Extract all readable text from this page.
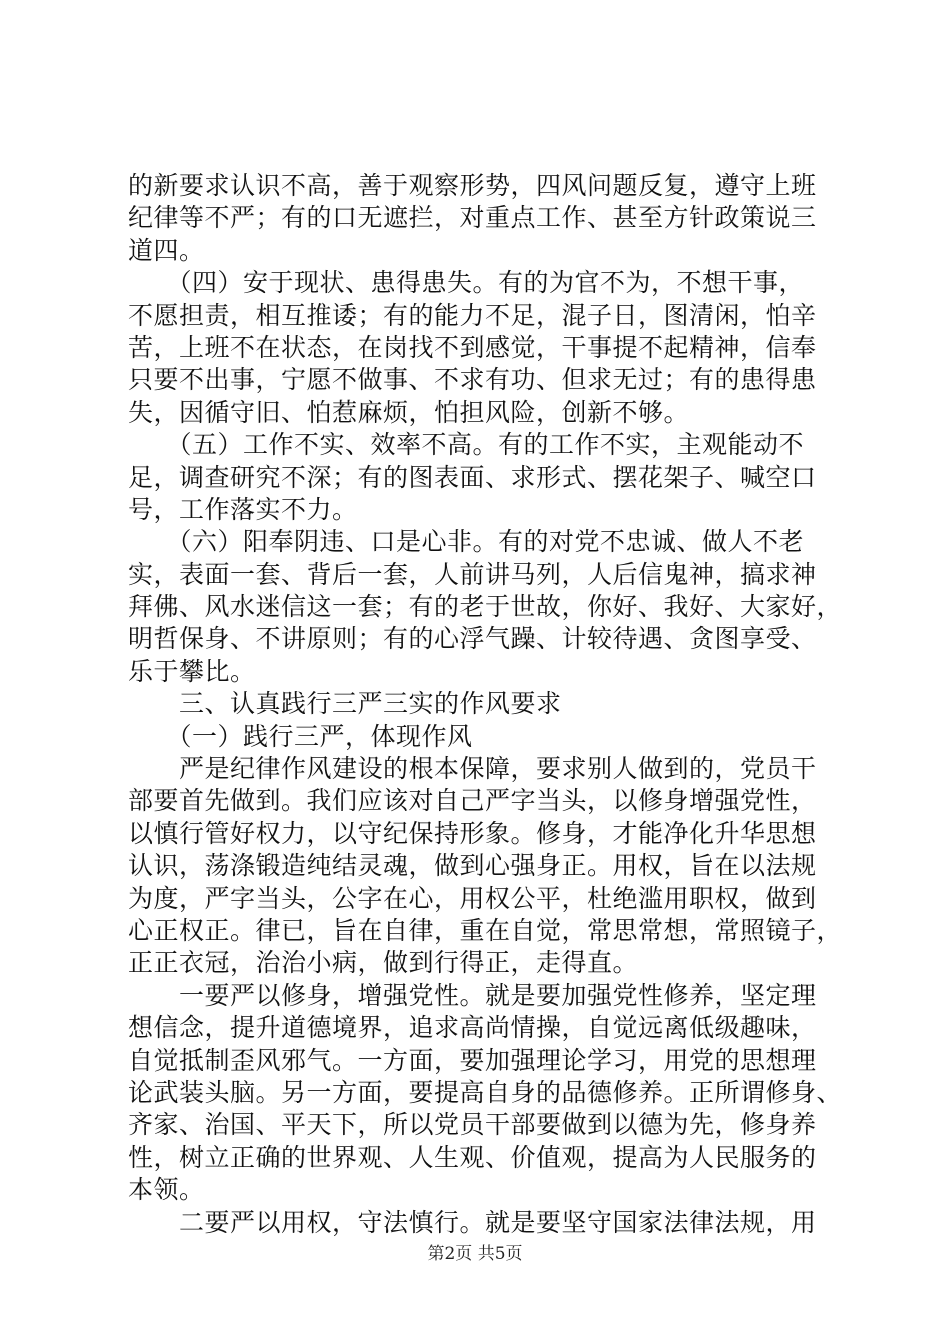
的新要求认识不高，善于观察形势，四风问题反复，遵守上班
纪律等不严；有的口无遮拦，对重点工作、甚至方针政策说三
道四。
　　（四）安于现状、患得患失。有的为官不为，不想干事，
不愿担责，相互推诿；有的能力不足，混子日，图清闲，怕辛
苦，上班不在状态，在岗找不到感觉，干事提不起精神，信奉
只要不出事，宁愿不做事、不求有功、但求无过；有的患得患
失，因循守旧、怕惹麻烦，怕担风险，创新不够。
　　（五）工作不实、效率不高。有的工作不实，主观能动不
足，调查研究不深；有的图表面、求形式、摆花架子、喊空口
号，工作落实不力。
　　（六）阳奉阴违、口是心非。有的对党不忠诚、做人不老
实，表面一套、背后一套，人前讲马列，人后信鬼神，搞求神
拜佛、风水迷信这一套；有的老于世故，你好、我好、大家好，
明哲保身、不讲原则；有的心浮气躁、计较待遇、贪图享受、
乐于攀比。
　　三、认真践行三严三实的作风要求
　　（一）践行三严，体现作风
　　严是纪律作风建设的根本保障，要求别人做到的，党员干
部要首先做到。我们应该对自己严字当头，以修身增强党性，
以慎行管好权力，以守纪保持形象。修身，才能净化升华思想
认识，荡涤锻造纯结灵魂，做到心强身正。用权，旨在以法规
为度，严字当头，公字在心，用权公平，杜绝滥用职权，做到
心正权正。律已，旨在自律，重在自觉，常思常想，常照镜子，
正正衣冠，治治小病，做到行得正，走得直。
　　一要严以修身，增强党性。就是要加强党性修养，坚定理
想信念，提升道德境界，追求高尚情操，自觉远离低级趣味，
自觉抵制歪风邪气。一方面，要加强理论学习，用党的思想理
论武装头脑。另一方面，要提高自身的品德修养。正所谓修身、
齐家、治国、平天下，所以党员干部要做到以德为先，修身养
性，树立正确的世界观、人生观、价值观，提高为人民服务的
本领。
　　二要严以用权，守法慎行。就是要坚守国家法律法规，用
第2页 共5页
